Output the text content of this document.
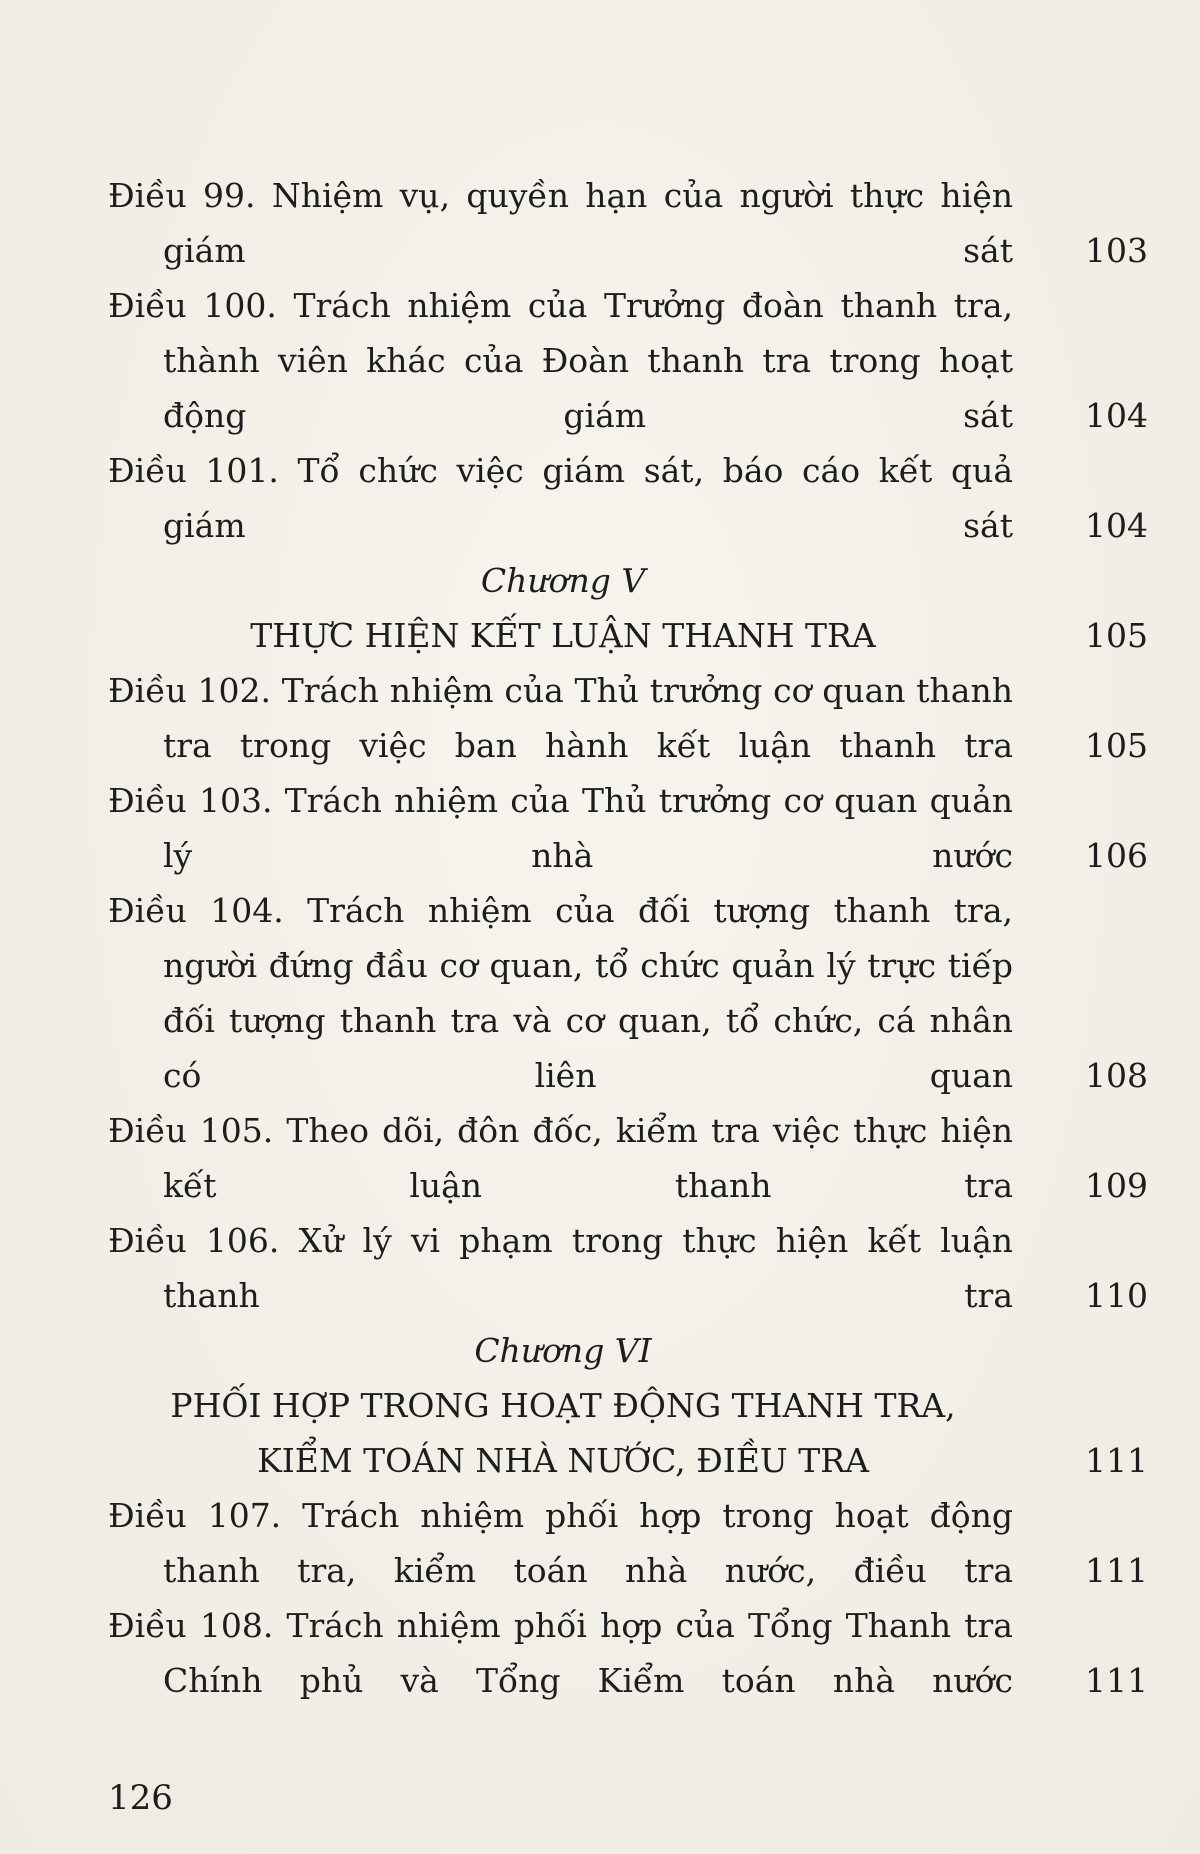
Điều 99. Nhiệm vụ, quyền hạn của người thực hiện giám sát 103
Điều 100. Trách nhiệm của Trưởng đoàn thanh tra, thành viên khác của Đoàn thanh tra trong hoạt động giám sát 104
Điều 101. Tổ chức việc giám sát, báo cáo kết quả giám sát 104
Chương V
THỰC HIỆN KẾT LUẬN THANH TRA	105
Điều 102. Trách nhiệm của Thủ trưởng cơ quan thanh tra trong việc ban hành kết luận thanh tra 105
Điều 103. Trách nhiệm của Thủ trưởng cơ quan quản lý nhà nước 106
Điều 104. Trách nhiệm của đối tượng thanh tra, người đứng đầu cơ quan, tổ chức quản lý trực tiếp đối tượng thanh tra và cơ quan, tổ chức, cá nhân có liên quan 108
Điều 105. Theo dõi, đôn đốc, kiểm tra việc thực hiện kết luận thanh tra 109
Điều 106. Xử lý vi phạm trong thực hiện kết luận thanh tra 110
Chương VI
PHỐI HỢP TRONG HOẠT ĐỘNG THANH TRA,
KIỂM TOÁN NHÀ NƯỚC, ĐIỀU TRA	111
Điều 107. Trách nhiệm phối hợp trong hoạt động thanh tra, kiểm toán nhà nước, điều tra 111
Điều 108. Trách nhiệm phối hợp của Tổng Thanh tra Chính phủ và Tổng Kiểm toán nhà nước 111
126
